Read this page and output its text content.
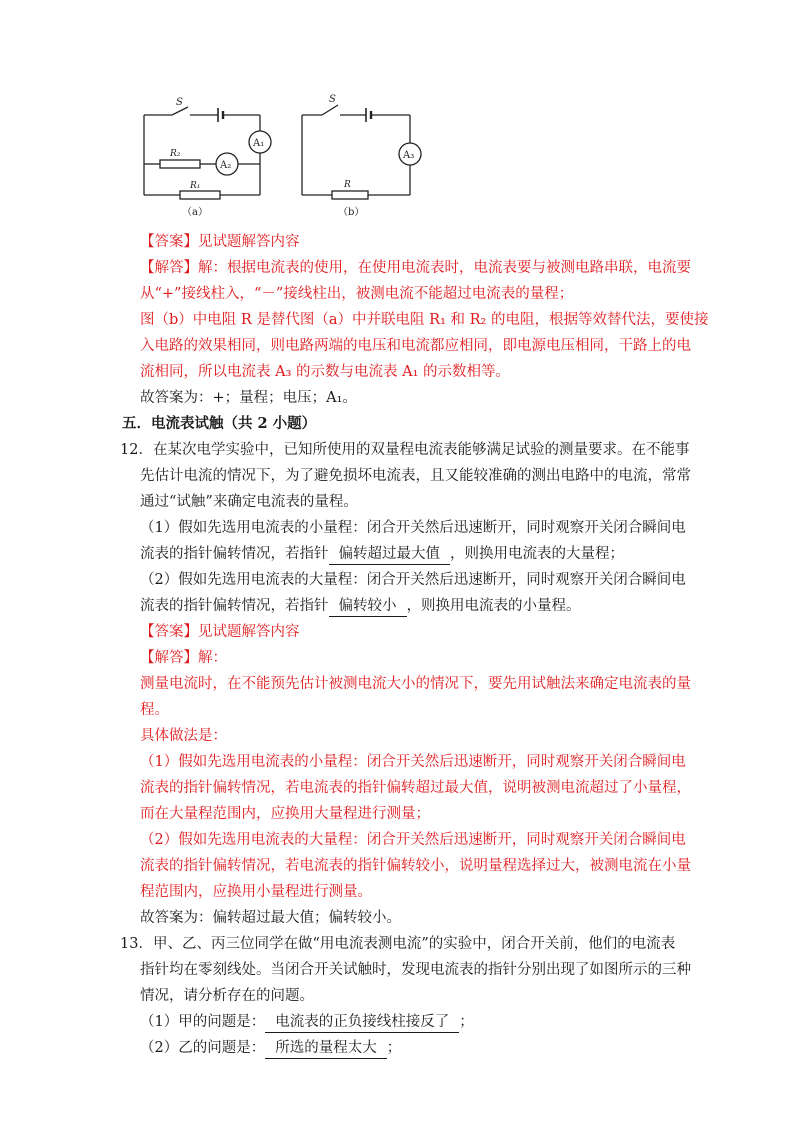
S
A₁
R₂
A₂
R₁
（a）
S
A₃
R
（b）
【答案】见试题解答内容
【解答】解：根据电流表的使用，在使用电流表时，电流表要与被测电路串联，电流要
从“+”接线柱入，“－”接线柱出，被测电流不能超过电流表的量程；
图（b）中电阻 R 是替代图（a）中并联电阻 R₁ 和 R₂ 的电阻，根据等效替代法，要使接
入电路的效果相同，则电路两端的电压和电流都应相同，即电源电压相同，干路上的电
流相同，所以电流表 A₃ 的示数与电流表 A₁ 的示数相等。
故答案为：+；量程；电压；A₁。
五．电流表试触（共 2 小题）
12．在某次电学实验中，已知所使用的双量程电流表能够满足试验的测量要求。在不能事
先估计电流的情况下，为了避免损坏电流表，且又能较准确的测出电路中的电流，常常
通过“试触”来确定电流表的量程。
（1）假如先选用电流表的小量程：闭合开关然后迅速断开，同时观察开关闭合瞬间电
流表的指针偏转情况，若指针 偏转超过最大值 ，则换用电流表的大量程；
（2）假如先选用电流表的大量程：闭合开关然后迅速断开，同时观察开关闭合瞬间电
流表的指针偏转情况，若指针 偏转较小 ，则换用电流表的小量程。
【答案】见试题解答内容
【解答】解：
测量电流时，在不能预先估计被测电流大小的情况下，要先用试触法来确定电流表的量
程。
具体做法是：
（1）假如先选用电流表的小量程：闭合开关然后迅速断开，同时观察开关闭合瞬间电
流表的指针偏转情况，若电流表的指针偏转超过最大值，说明被测电流超过了小量程，
而在大量程范围内，应换用大量程进行测量；
（2）假如先选用电流表的大量程：闭合开关然后迅速断开，同时观察开关闭合瞬间电
流表的指针偏转情况，若电流表的指针偏转较小，说明量程选择过大，被测电流在小量
程范围内，应换用小量程进行测量。
故答案为：偏转超过最大值；偏转较小。
13．甲、乙、丙三位同学在做“用电流表测电流”的实验中，闭合开关前，他们的电流表
指针均在零刻线处。当闭合开关试触时，发现电流表的指针分别出现了如图所示的三种
情况，请分析存在的问题。
（1）甲的问题是： 电流表的正负接线柱接反了 ；
（2）乙的问题是： 所选的量程太大 ；
